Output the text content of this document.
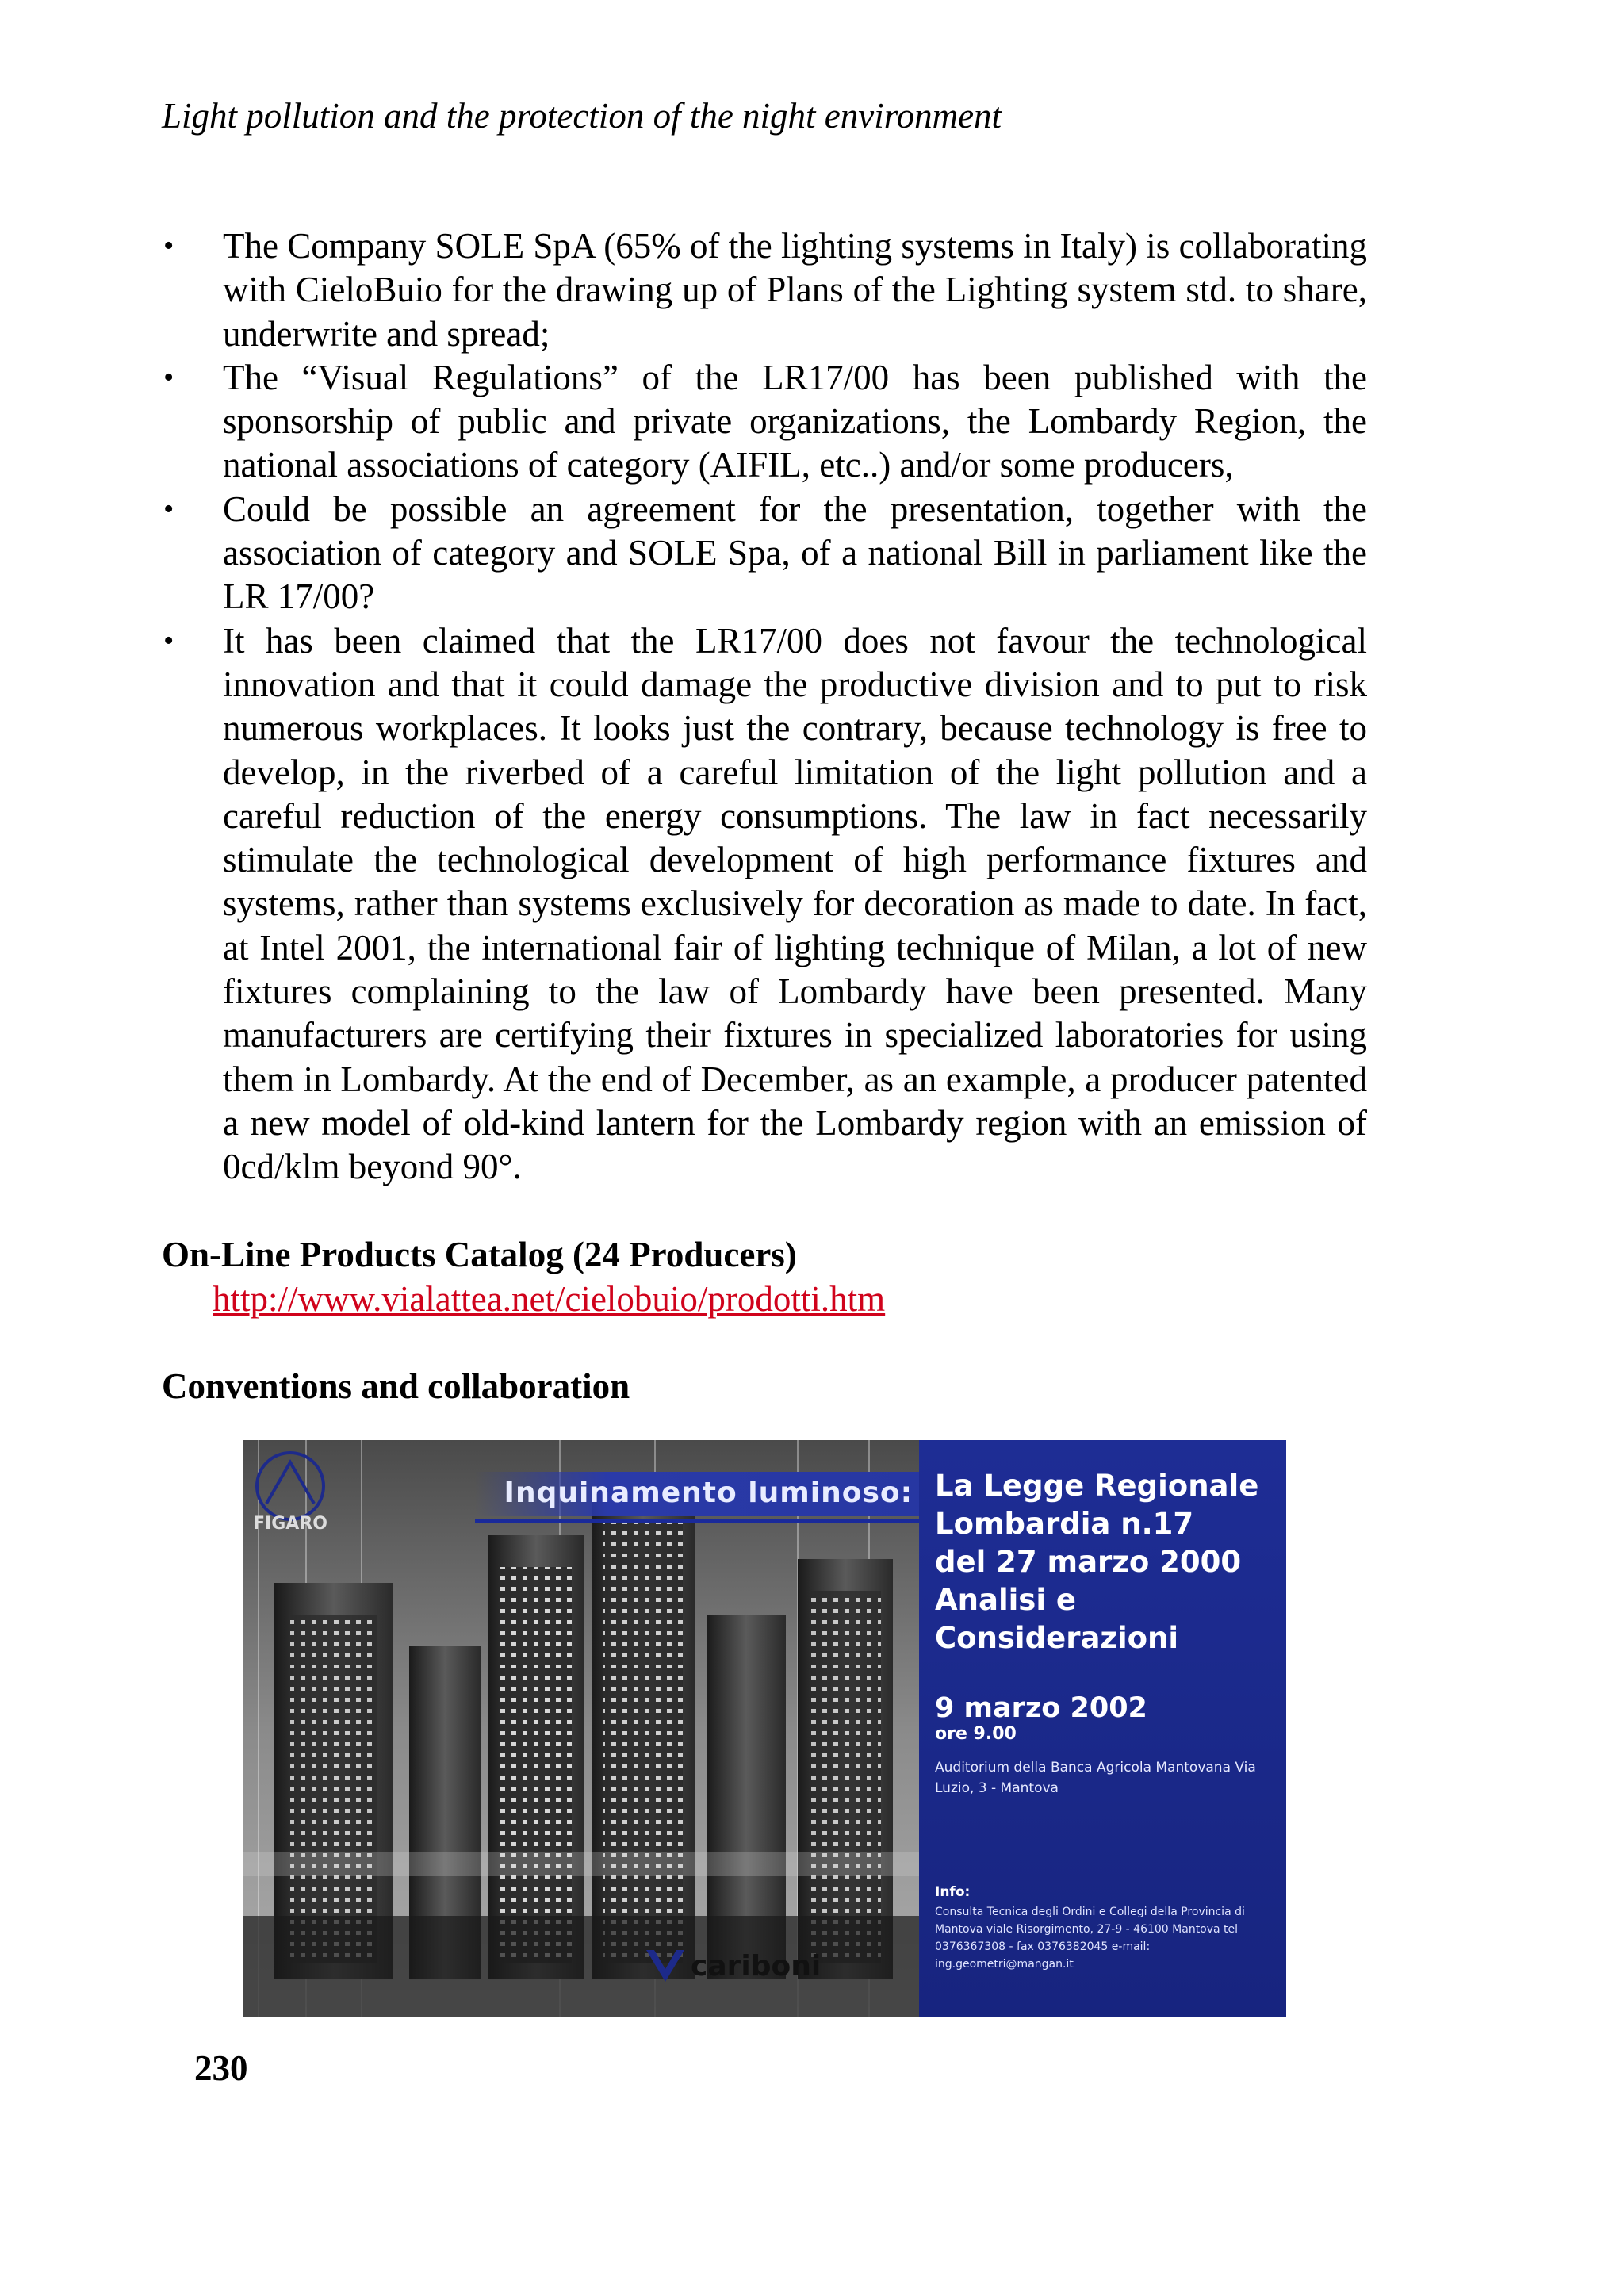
Light pollution and the protection of the night environment
• The Company SOLE SpA (65% of the lighting systems in Italy) is collaborating with CieloBuio for the drawing up of Plans of the Lighting system std. to share, underwrite and spread;
• The “Visual Regulations” of the LR17/00 has been published with the sponsorship of public and private organizations, the Lombardy Region, the national associations of category (AIFIL, etc..) and/or some producers,
• Could be possible an agreement for the presentation, together with the association of category and SOLE Spa, of a national Bill in parliament like the LR 17/00?
• It has been claimed that the LR17/00 does not favour the technological innovation and that it could damage the productive division and to put to risk numerous workplaces. It looks just the contrary, because technology is free to develop, in the riverbed of a careful limitation of the light pollution and a careful reduction of the energy consumptions. The law in fact necessarily stimulate the technological development of high performance fixtures and systems, rather than systems exclusively for decoration as made to date. In fact, at Intel 2001, the international fair of lighting technique of Milan, a lot of new fixtures complaining to the law of Lombardy have been presented. Many manufacturers are certifying their fixtures in specialized laboratories for using them in Lombardy. At the end of December, as an example, a producer patented a new model of old-kind lantern for the Lombardy region with an emission of 0cd/klm beyond 90°.
On-Line Products Catalog (24 Producers)
http://www.vialattea.net/cielobuio/prodotti.htm
Conventions and collaboration
Inquinamento luminoso:
FIGARO
cariboni
La Legge Regionale
Lombardia n.17
del 27 marzo 2000
Analisi e
Considerazioni
9 marzo 2002
ore 9.00
Auditorium della Banca Agricola Mantovana Via Luzio, 3 - Mantova
Info:
Consulta Tecnica degli Ordini e Collegi della Provincia di Mantova viale Risorgimento, 27-9 - 46100 Mantova tel 0376367308 - fax 0376382045 e-mail: ing.geometri@mangan.it
230
